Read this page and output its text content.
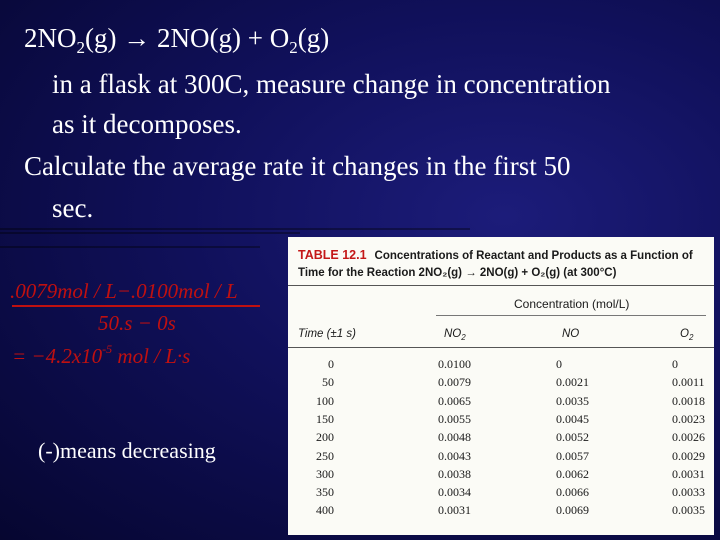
$2NO_2(g) \to 2NO(g) + O_2(g)$
in a flask at 300C, measure change in concentration
as it decomposes.
Calculate the average rate it changes in the first 50
sec.
.0079mol / L−.0100mol / L
50.s − 0s
= $-4.2x10^{-5}$ mol / L·s
(-)means decreasing
TABLE 12.1 Concentrations of Reactant and Products as a Function of
Time for the Reaction 2NO₂(g) → 2NO(g) + O₂(g) (at 300°C)
Concentration (mol/L)
Time (±1 s)	$NO_2$	NO	$O_2$
0	0.0100	0	0
50	0.0079	0.0021	0.0011
100	0.0065	0.0035	0.0018
150	0.0055	0.0045	0.0023
200	0.0048	0.0052	0.0026
250	0.0043	0.0057	0.0029
300	0.0038	0.0062	0.0031
350	0.0034	0.0066	0.0033
400	0.0031	0.0069	0.0035
